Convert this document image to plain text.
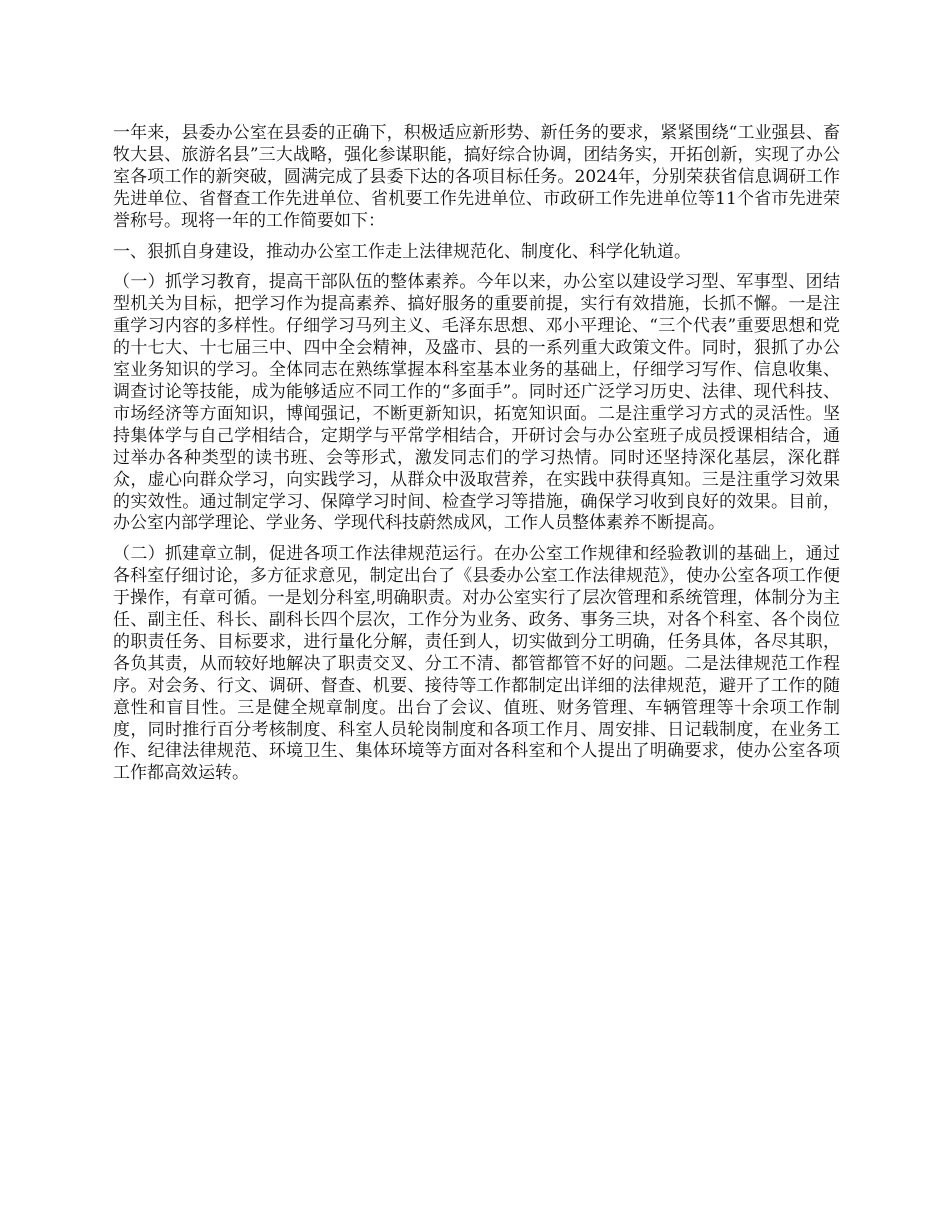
一年来，县委办公室在县委的正确下，积极适应新形势、新任务的要求，紧紧围绕“工业强县、畜牧大县、旅游名县”三大战略，强化参谋职能，搞好综合协调，团结务实，开拓创新，实现了办公室各项工作的新突破，圆满完成了县委下达的各项目标任务。2024年，分别荣获省信息调研工作先进单位、省督查工作先进单位、省机要工作先进单位、市政研工作先进单位等11个省市先进荣誉称号。现将一年的工作简要如下：

一、狠抓自身建设，推动办公室工作走上法律规范化、制度化、科学化轨道。

（一）抓学习教育，提高干部队伍的整体素养。今年以来，办公室以建设学习型、军事型、团结型机关为目标，把学习作为提高素养、搞好服务的重要前提，实行有效措施，长抓不懈。一是注重学习内容的多样性。仔细学习马列主义、毛泽东思想、邓小平理论、“三个代表”重要思想和党的十七大、十七届三中、四中全会精神，及盛市、县的一系列重大政策文件。同时，狠抓了办公室业务知识的学习。全体同志在熟练掌握本科室基本业务的基础上，仔细学习写作、信息收集、调查讨论等技能，成为能够适应不同工作的“多面手”。同时还广泛学习历史、法律、现代科技、市场经济等方面知识，博闻强记，不断更新知识，拓宽知识面。二是注重学习方式的灵活性。坚持集体学与自己学相结合，定期学与平常学相结合，开研讨会与办公室班子成员授课相结合，通过举办各种类型的读书班、会等形式，激发同志们的学习热情。同时还坚持深化基层，深化群众，虚心向群众学习，向实践学习，从群众中汲取营养，在实践中获得真知。三是注重学习效果的实效性。通过制定学习、保障学习时间、检查学习等措施，确保学习收到良好的效果。目前，办公室内部学理论、学业务、学现代科技蔚然成风，工作人员整体素养不断提高。

（二）抓建章立制，促进各项工作法律规范运行。在办公室工作规律和经验教训的基础上，通过各科室仔细讨论，多方征求意见，制定出台了《县委办公室工作法律规范》，使办公室各项工作便于操作，有章可循。一是划分科室,明确职责。对办公室实行了层次管理和系统管理，体制分为主任、副主任、科长、副科长四个层次，工作分为业务、政务、事务三块，对各个科室、各个岗位的职责任务、目标要求，进行量化分解，责任到人，切实做到分工明确，任务具体，各尽其职，各负其责，从而较好地解决了职责交叉、分工不清、都管都管不好的问题。二是法律规范工作程序。对会务、行文、调研、督查、机要、接待等工作都制定出详细的法律规范，避开了工作的随意性和盲目性。三是健全规章制度。出台了会议、值班、财务管理、车辆管理等十余项工作制度，同时推行百分考核制度、科室人员轮岗制度和各项工作月、周安排、日记载制度，在业务工作、纪律法律规范、环境卫生、集体环境等方面对各科室和个人提出了明确要求，使办公室各项工作都高效运转。
